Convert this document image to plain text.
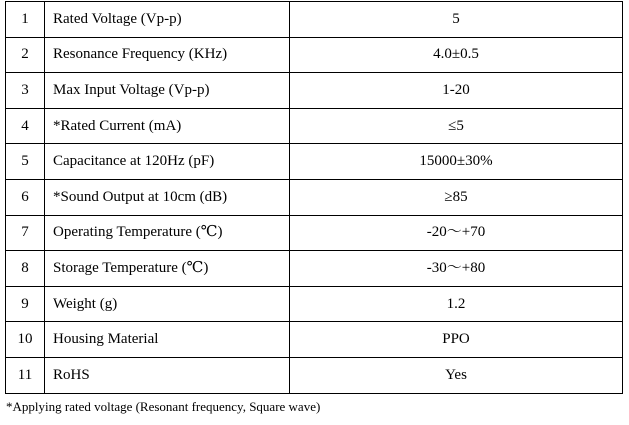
1	Rated Voltage (Vp-p)	5
2	Resonance Frequency (KHz)	4.0±0.5
3	Max Input Voltage (Vp-p)	1-20
4	*Rated Current (mA)	≤5
5	Capacitance at 120Hz (pF)	15000±30%
6	*Sound Output at 10cm (dB)	≥85
7	Operating Temperature (℃)	-20～+70
8	Storage Temperature (℃)	-30～+80
9	Weight (g)	1.2
10	Housing Material	PPO
11	RoHS	Yes
*Applying rated voltage (Resonant frequency, Square wave)
